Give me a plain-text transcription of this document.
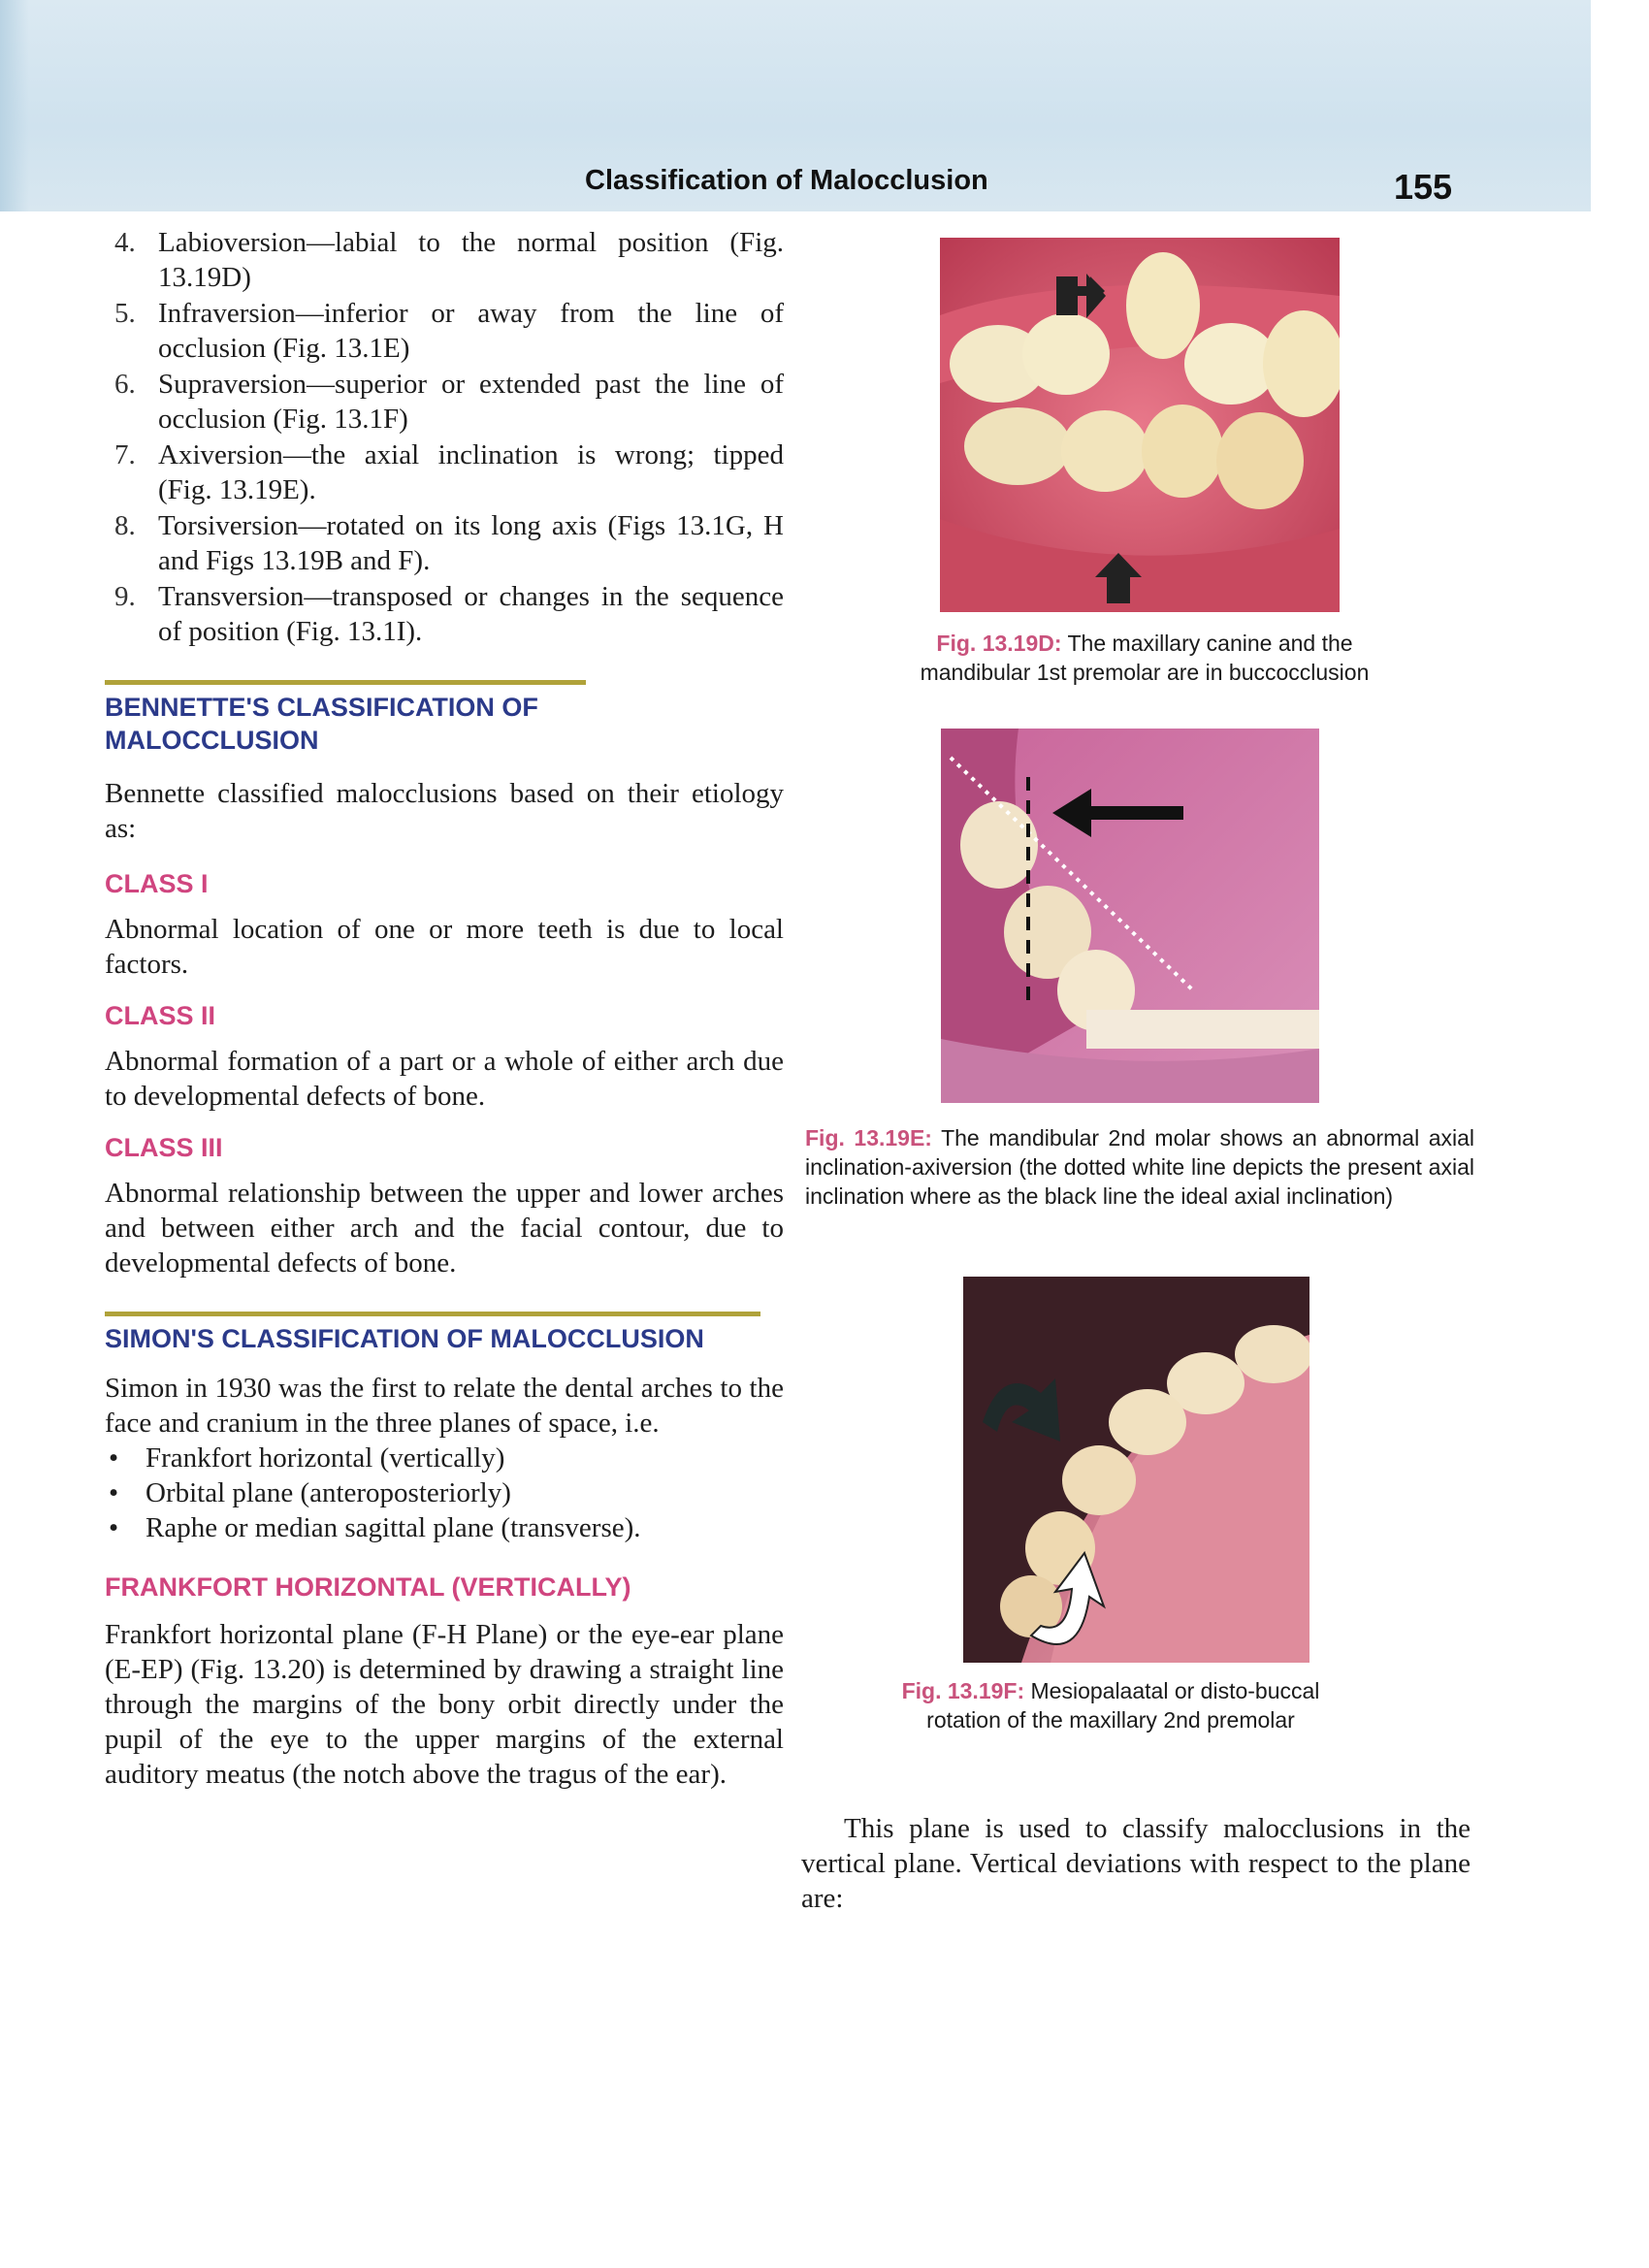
Classification of Malocclusion	155
4. Labioversion—labial to the normal position (Fig. 13.19D)
5. Infraversion—inferior or away from the line of occlusion (Fig. 13.1E)
6. Supraversion—superior or extended past the line of occlusion (Fig. 13.1F)
7. Axiversion—the axial inclination is wrong; tipped (Fig. 13.19E).
8. Torsiversion—rotated on its long axis (Figs 13.1G, H and Figs 13.19B and F).
9. Transversion—transposed or changes in the sequence of position (Fig. 13.1I).
BENNETTE'S CLASSIFICATION OF MALOCCLUSION

Bennette classified malocclusions based on their etiology as:

CLASS I

Abnormal location of one or more teeth is due to local factors.

CLASS II

Abnormal formation of a part or a whole of either arch due to developmental defects of bone.

CLASS III

Abnormal relationship between the upper and lower arches and between either arch and the facial contour, due to developmental defects of bone.

SIMON'S CLASSIFICATION OF MALOCCLUSION

Simon in 1930 was the first to relate the dental arches to the face and cranium in the three planes of space, i.e.

• Frankfort horizontal (vertically)
• Orbital plane (anteroposteriorly)
• Raphe or median sagittal plane (transverse).
FRANKFORT HORIZONTAL (VERTICALLY)

Frankfort horizontal plane (F-H Plane) or the eye-ear plane (E-EP) (Fig. 13.20) is determined by drawing a straight line through the margins of the bony orbit directly under the pupil of the eye to the upper margins of the external auditory meatus (the notch above the tragus of the ear).

Fig. 13.19D: The maxillary canine and the mandibular 1st premolar are in buccocclusion
Fig. 13.19E: The mandibular 2nd molar shows an abnormal axial inclination-axiversion (the dotted white line depicts the present axial inclination where as the black line the ideal axial inclination)
Fig. 13.19F: Mesiopalaatal or disto-buccal rotation of the maxillary 2nd premolar

This plane is used to classify malocclusions in the vertical plane. Vertical deviations with respect to the plane are:
